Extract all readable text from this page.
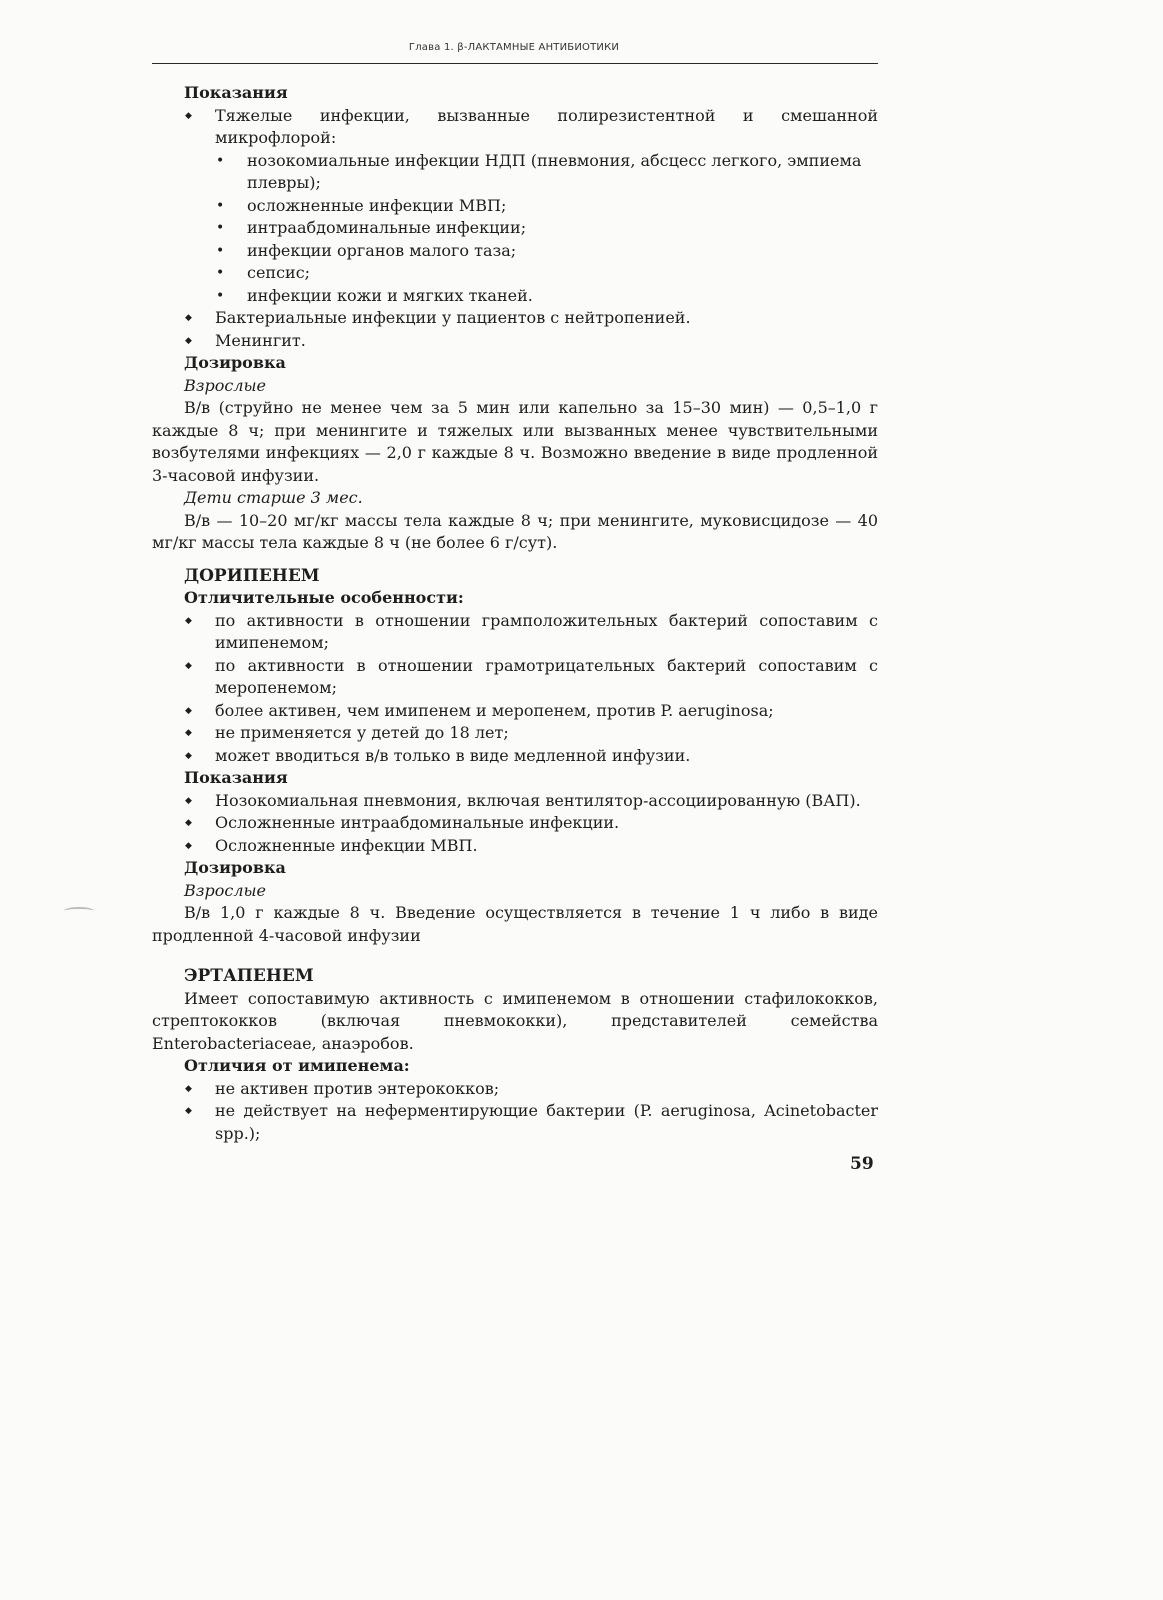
Глава 1. β-ЛАКТАМНЫЕ АНТИБИОТИКИ
Показания
◆ Тяжелые инфекции, вызванные полирезистентной и смешанной микрофлорой:
• нозокомиальные инфекции НДП (пневмония, абсцесс легкого, эмпиема плевры);
• осложненные инфекции МВП;
• интраабдоминальные инфекции;
• инфекции органов малого таза;
• сепсис;
• инфекции кожи и мягких тканей.
◆ Бактериальные инфекции у пациентов с нейтропенией.
◆ Менингит.
Дозировка
Взрослые
В/в (струйно не менее чем за 5 мин или капельно за 15–30 мин) — 0,5–1,0 г каждые 8 ч; при менингите и тяжелых или вызванных менее чувствительными возбутелями инфекциях — 2,0 г каждые 8 ч. Возможно введение в виде продленной 3-часовой инфузии.
Дети старше 3 мес.
В/в — 10–20 мг/кг массы тела каждые 8 ч; при менингите, муковисцидозе — 40 мг/кг массы тела каждые 8 ч (не более 6 г/сут).
ДОРИПЕНЕМ
Отличительные особенности:
◆ по активности в отношении грамположительных бактерий сопоставим с имипенемом;
◆ по активности в отношении грамотрицательных бактерий сопоставим с меропенемом;
◆ более активен, чем имипенем и меропенем, против P. aeruginosa;
◆ не применяется у детей до 18 лет;
◆ может вводиться в/в только в виде медленной инфузии.
Показания
◆ Нозокомиальная пневмония, включая вентилятор-ассоциированную (ВАП).
◆ Осложненные интраабдоминальные инфекции.
◆ Осложненные инфекции МВП.
Дозировка
Взрослые
В/в 1,0 г каждые 8 ч. Введение осуществляется в течение 1 ч либо в виде продленной 4-часовой инфузии
ЭРТАПЕНЕМ
Имеет сопоставимую активность с имипенемом в отношении стафилококков, стрептококков (включая пневмококки), представителей семейства Enterobacteriaceae, анаэробов.
Отличия от имипенема:
◆ не активен против энтерококков;
◆ не действует на неферментирующие бактерии (P. aeruginosa, Acinetobacter spp.);
59
